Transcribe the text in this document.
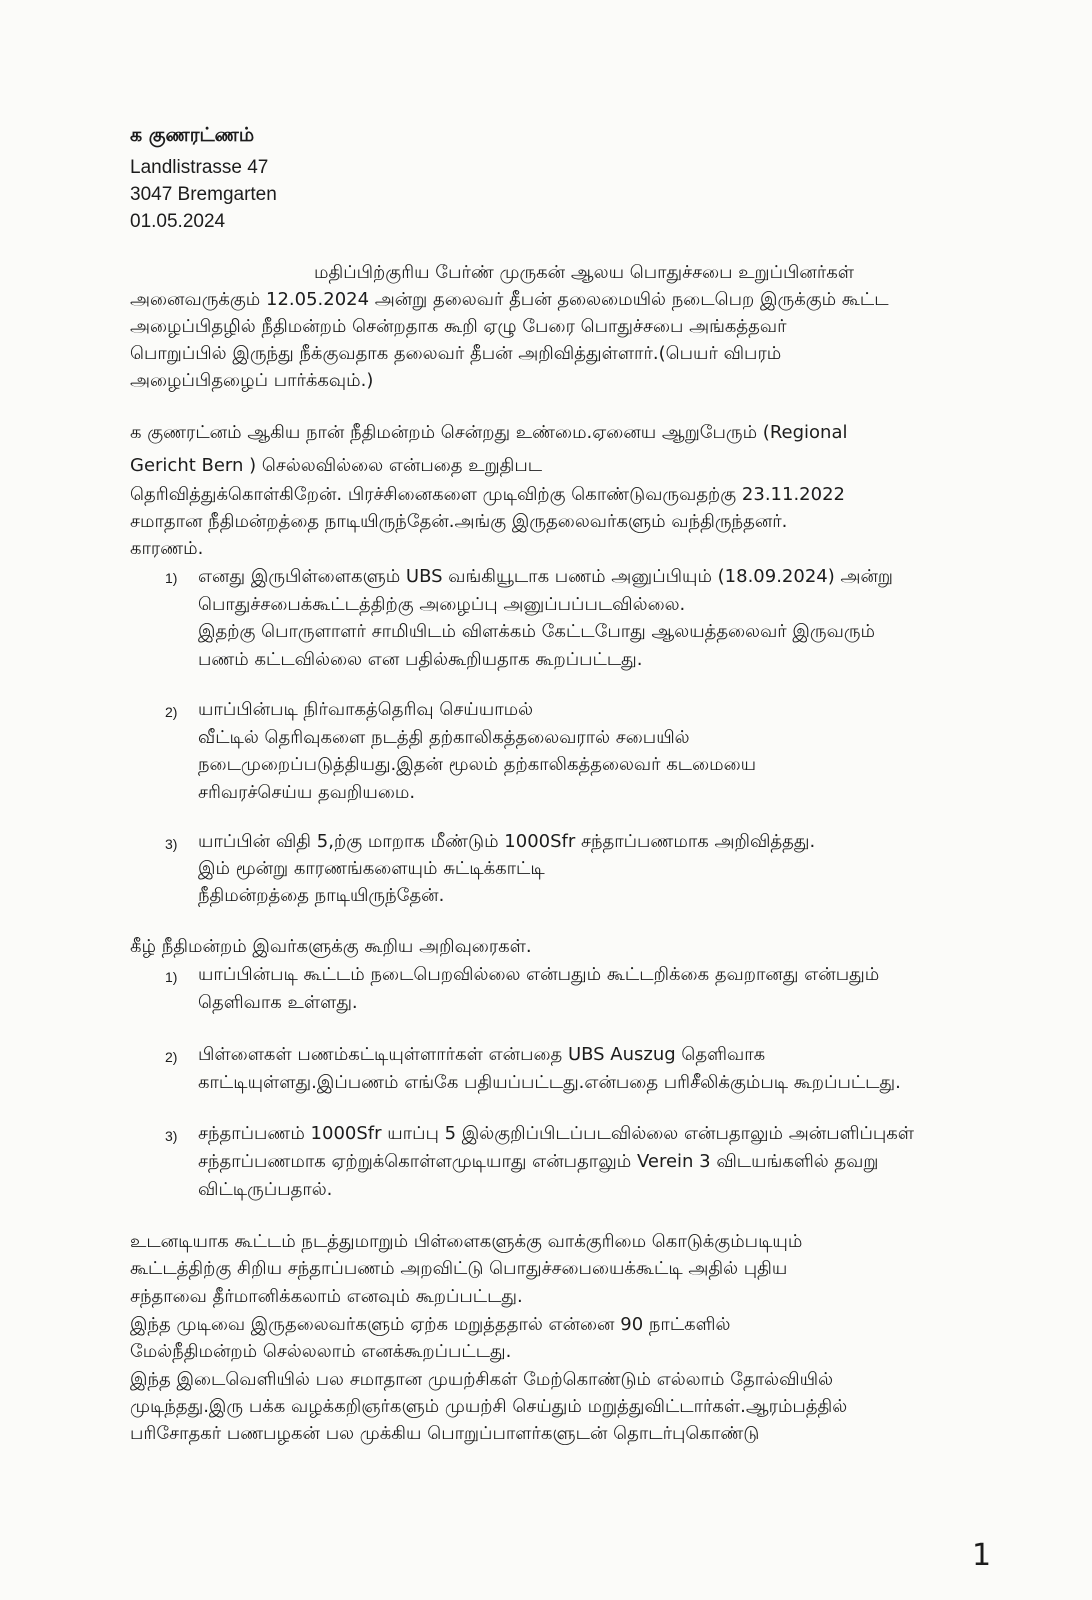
க குணரட்ணம்
Landlistrasse 47
3047 Bremgarten
01.05.2024
மதிப்பிற்குரிய பேர்ண் முருகன் ஆலய பொதுச்சபை உறுப்பினர்கள்
அனைவருக்கும் 12.05.2024 அன்று தலைவர் தீபன் தலைமையில் நடைபெற இருக்கும் கூட்ட
அழைப்பிதழில் நீதிமன்றம் சென்றதாக கூறி ஏழு பேரை பொதுச்சபை அங்கத்தவர்
பொறுப்பில் இருந்து நீக்குவதாக தலைவர் தீபன் அறிவித்துள்ளார்.(பெயர் விபரம்
அழைப்பிதழைப் பார்க்கவும்.)
க குணரட்னம் ஆகிய நான் நீதிமன்றம் சென்றது உண்மை.ஏனைய ஆறுபேரும் (Regional
Gericht Bern ) செல்லவில்லை என்பதை உறுதிபட
தெரிவித்துக்கொள்கிறேன். பிரச்சினைகளை முடிவிற்கு கொண்டுவருவதற்கு 23.11.2022
சமாதான நீதிமன்றத்தை நாடியிருந்தேன்.அங்கு இருதலைவர்களும் வந்திருந்தனர்.
காரணம்.
1) எனது இருபிள்ளைகளும் UBS வங்கியூடாக பணம் அனுப்பியும் (18.09.2024) அன்று
பொதுச்சபைக்கூட்டத்திற்கு அழைப்பு அனுப்பப்படவில்லை.
இதற்கு பொருளாளர் சாமியிடம் விளக்கம் கேட்டபோது ஆலயத்தலைவர் இருவரும்
பணம் கட்டவில்லை என பதில்கூறியதாக கூறப்பட்டது.
2) யாப்பின்படி நிர்வாகத்தெரிவு செய்யாமல்
வீட்டில் தெரிவுகளை நடத்தி தற்காலிகத்தலைவரால் சபையில்
நடைமுறைப்படுத்தியது.இதன் மூலம் தற்காலிகத்தலைவர் கடமையை
சரிவரச்செய்ய தவறியமை.
3) யாப்பின் விதி 5,ற்கு மாறாக மீண்டும் 1000Sfr சந்தாப்பணமாக அறிவித்தது.
இம் மூன்று காரணங்களையும் சுட்டிக்காட்டி
நீதிமன்றத்தை நாடியிருந்தேன்.
கீழ் நீதிமன்றம் இவர்களுக்கு கூறிய அறிவுரைகள்.
1) யாப்பின்படி கூட்டம் நடைபெறவில்லை என்பதும் கூட்டறிக்கை தவறானது என்பதும்
தெளிவாக உள்ளது.
2) பிள்ளைகள் பணம்கட்டியுள்ளார்கள் என்பதை UBS Auszug தெளிவாக
காட்டியுள்ளது.இப்பணம் எங்கே பதியப்பட்டது.என்பதை பரிசீலிக்கும்படி கூறப்பட்டது.
3) சந்தாப்பணம் 1000Sfr யாப்பு 5 இல்குறிப்பிடப்படவில்லை என்பதாலும் அன்பளிப்புகள்
சந்தாப்பணமாக ஏற்றுக்கொள்ளமுடியாது என்பதாலும் Verein 3 விடயங்களில் தவறு
விட்டிருப்பதால்.
உடனடியாக கூட்டம் நடத்துமாறும் பிள்ளைகளுக்கு வாக்குரிமை கொடுக்கும்படியும்
கூட்டத்திற்கு சிறிய சந்தாப்பணம் அறவிட்டு பொதுச்சபையைக்கூட்டி அதில் புதிய
சந்தாவை தீர்மானிக்கலாம் எனவும் கூறப்பட்டது.
இந்த முடிவை இருதலைவர்களும் ஏற்க மறுத்ததால் என்னை 90 நாட்களில்
மேல்நீதிமன்றம் செல்லலாம் எனக்கூறப்பட்டது.
இந்த இடைவெளியில் பல சமாதான முயற்சிகள் மேற்கொண்டும் எல்லாம் தோல்வியில்
முடிந்தது.இரு பக்க வழக்கறிஞர்களும் முயற்சி செய்தும் மறுத்துவிட்டார்கள்.ஆரம்பத்தில்
பரிசோதகர் பணபழகன் பல முக்கிய பொறுப்பாளர்களுடன் தொடர்புகொண்டு
1
